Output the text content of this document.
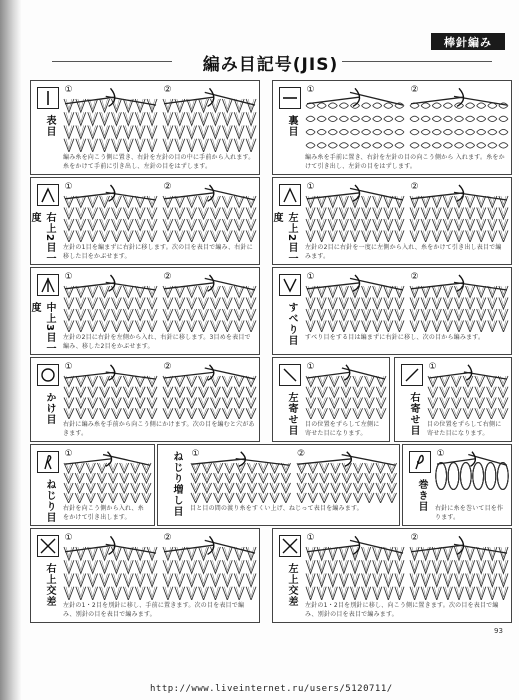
棒針編み
編み目記号(JIS)
表目
①	②
編み糸を向こう側に置き、右針を左針の目の中に手前から入れます。 糸をかけて手前に引き出し、左針の目をはずします。
裏目
①	②
編み糸を手前に置き、右針を左針の目の向こう側から 入れます。糸をかけて引き出し、左針の目をはずします。
右上2目一度
①	②
左針の1目を編まずに右針に移します。次の目を表目で編み、右針に移した目をかぶせます。	左上2目一度
①	②
左針の2目に右針を一度に左側から入れ、糸をかけて引き出し表目で編みます。
中上3目一度
①	②
左針の2目に右針を左側から入れ、右針に移します。3目めを表目で編み、移した2目をかぶせます。
すべり目
①	②
すべり目をする目は編まずに右針に移し、次の目から編みます。
かけ目
①	②
右針に編み糸を手前から向こう側にかけます。次の目を編むと穴があきます。	左寄せ目
①
目の位置をずらして左側に寄せた目になります。	右寄せ目
①
目の位置をずらして右側に寄せた目になります。
ねじり目
①
右針を向こう側から入れ、糸をかけて引き出します。
ねじり増し目 ①	②
目と目の間の渡り糸をすくい上げ、ねじって表目を編みます。	巻き目
①
右針に糸を巻いて目を作ります。
右上交差
①	②
左針の1・2目を別針に移し、手前に置きます。次の目を表目で編み、別針の目を表目で編みます。
左上交差
①	②
左針の1・2目を別針に移し、向こう側に置きます。次の目を表目で編み、別針の目を表目で編みます。
93
http://www.liveinternet.ru/users/5120711/
